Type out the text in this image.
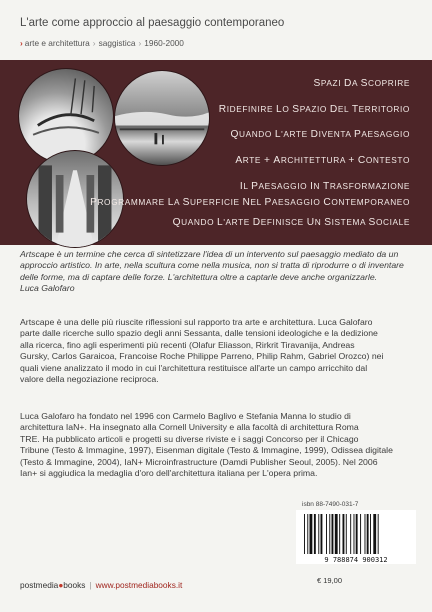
L'arte come approccio al paesaggio contemporaneo
› arte e architettura › saggistica › 1960-2000
SPAZI DA SCOPRIRE
RIDEFINIRE LO SPAZIO DEL TERRITORIO
QUANDO L'ARTE DIVENTA PAESAGGIO
ARTE + ARCHITETTURA + CONTESTO
IL PAESAGGIO IN TRASFORMAZIONE
PROGRAMMARE LA SUPERFICIE NEL PAESAGGIO CONTEMPORANEO
QUANDO L'ARTE DEFINISCE UN SISTEMA SOCIALE
Artscape è un termine che cerca di sintetizzare l'idea di un intervento sul paesaggio mediato da un
approccio artistico. In arte, nella scultura come nella musica, non si tratta di riprodurre o di inventare
delle forme, ma di captare delle forze. L'architettura oltre a captarle deve anche organizzarle.
Luca Galofaro
Artscape è una delle più riuscite riflessioni sul rapporto tra arte e architettura. Luca Galofaro
parte dalle ricerche sullo spazio degli anni Sessanta, dalle tensioni ideologiche e la dedizione
alla ricerca, fino agli esperimenti più recenti (Olafur Eliasson, Rirkrit Tiravanija, Andreas
Gursky, Carlos Garaicoa, Francoise Roche Philippe Parreno, Philip Rahm, Gabriel Orozco) nei
quali viene analizzato il modo in cui l'architettura restituisce all'arte un campo arricchito dal
valore della negoziazione reciproca.
Luca Galofaro ha fondato nel 1996 con Carmelo Baglivo e Stefania Manna lo studio di
architettura IaN+. Ha insegnato alla Cornell University e alla facoltà di architettura Roma
TRE. Ha pubblicato articoli e progetti su diverse riviste e i saggi Concorso per il Chicago
Tribune (Testo & Immagine, 1997), Eisenman digitale (Testo & Immagine, 1999), Odissea digitale
(Testo & Immagine, 2004), IaN+ Microinfrastructure (Damdi Publisher Seoul, 2005). Nel 2006
Ian+ si aggiudica la medaglia d'oro dell'architettura italiana per L'opera prima.
isbn 88-7490-031-7
9 788874 900312
€ 19,00
postmedia●books | www.postmediabooks.it
